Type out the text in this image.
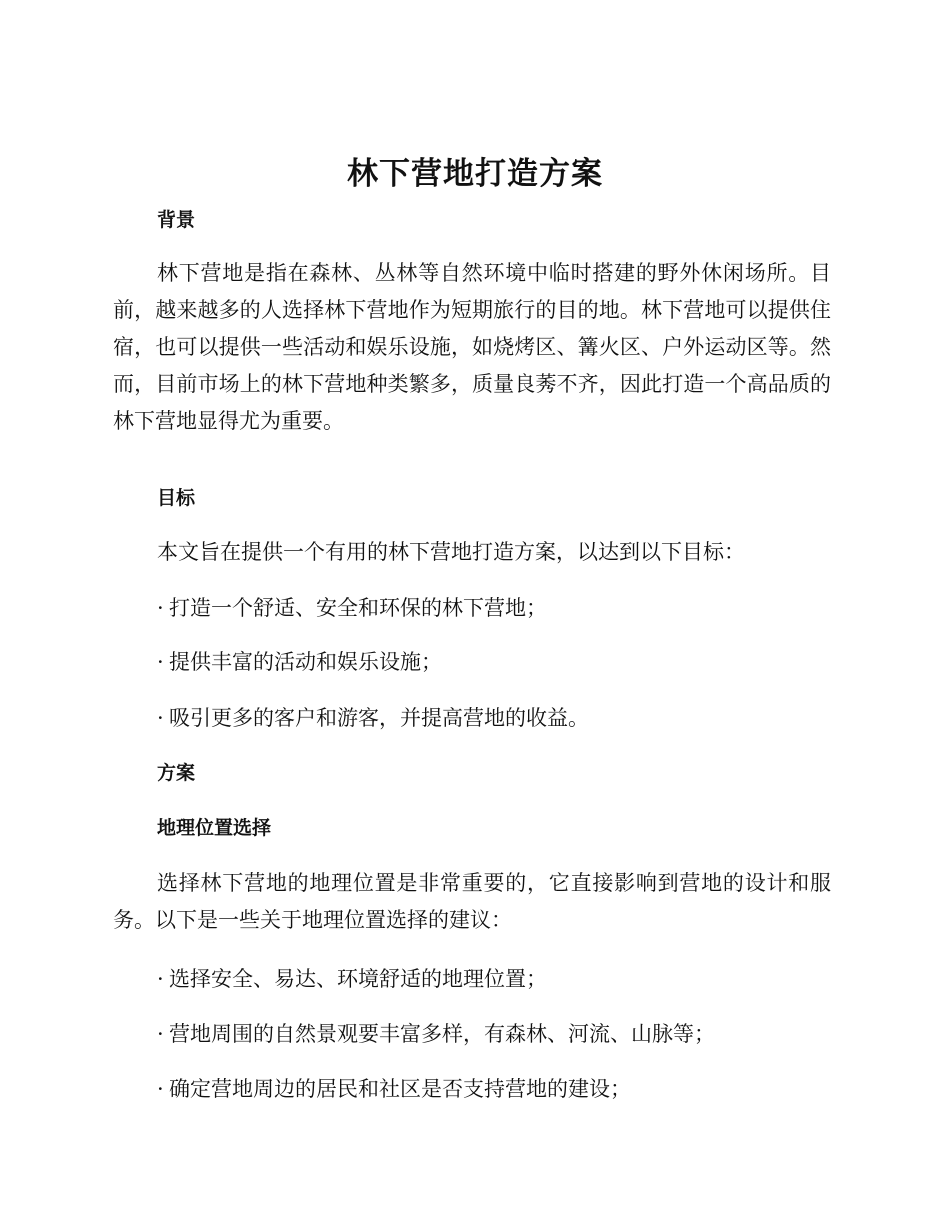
林下营地打造方案
背景

林下营地是指在森林、丛林等自然环境中临时搭建的野外休闲场所。目前，越来越多的人选择林下营地作为短期旅行的目的地。林下营地可以提供住宿，也可以提供一些活动和娱乐设施，如烧烤区、篝火区、户外运动区等。然而，目前市场上的林下营地种类繁多，质量良莠不齐，因此打造一个高品质的林下营地显得尤为重要。

目标

本文旨在提供一个有用的林下营地打造方案，以达到以下目标：

· 打造一个舒适、安全和环保的林下营地；

· 提供丰富的活动和娱乐设施；

· 吸引更多的客户和游客，并提高营地的收益。

方案
地理位置选择

选择林下营地的地理位置是非常重要的，它直接影响到营地的设计和服务。以下是一些关于地理位置选择的建议：

· 选择安全、易达、环境舒适的地理位置；

· 营地周围的自然景观要丰富多样，有森林、河流、山脉等；

· 确定营地周边的居民和社区是否支持营地的建设；
